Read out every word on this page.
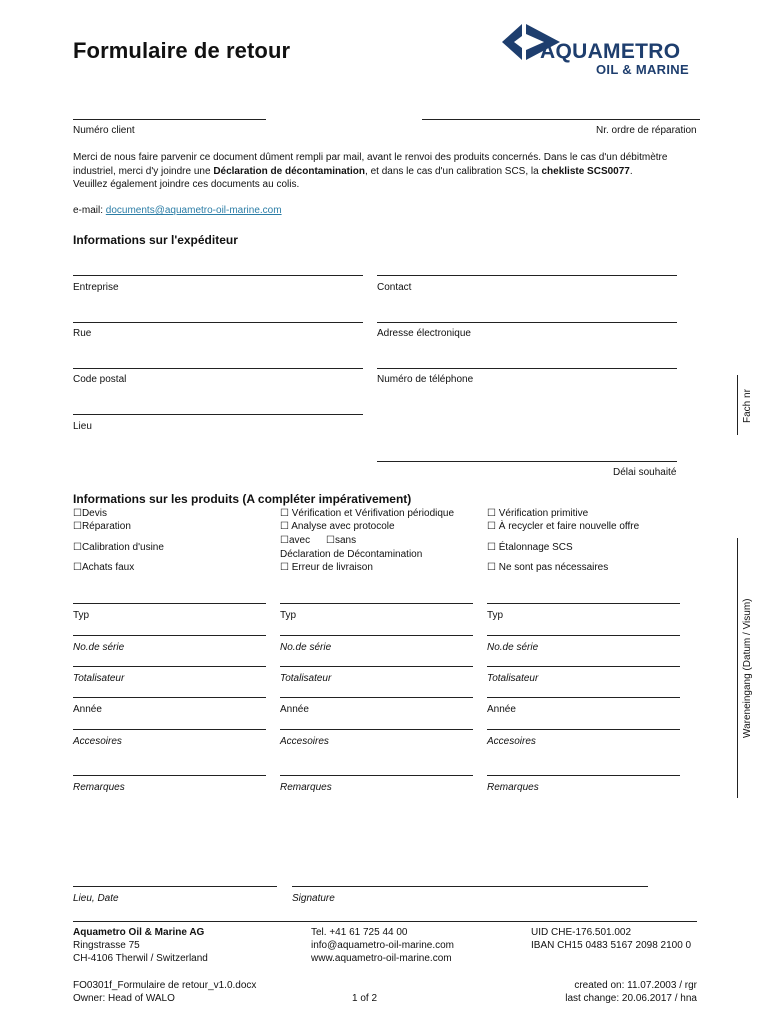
Formulaire de retour	AQUAMETRO
OIL & MARINE
Numéro client	Nr. ordre de réparation
Merci de nous faire parvenir ce document dûment rempli par mail, avant le renvoi des produits concernés. Dans le cas d'un débitmètre
industriel, merci d'y joindre une Déclaration de décontamination, et dans le cas d'un calibration SCS, la chekliste SCS0077.
Veuillez également joindre ces documents au colis.
e-mail: documents@aquametro-oil-marine.com
Informations sur l'expéditeur
Entreprise	Contact
Rue	Adresse électronique
Code postal	Numéro de téléphone
Lieu
Délai souhaité
Fach nr
Wareneingang (Datum / Visum)
Informations sur les produits (A compléter impérativement)
☐Devis
☐Réparation
☐Calibration d'usine
☐Achats faux
☐ Vérification et Vérifivation périodique
☐ Analyse avec protocole
☐avec ☐sans
Déclaration de Décontamination
☐ Erreur de livraison
☐ Vérification primitive
☐ À recycler et faire nouvelle offre
☐ Étalonnage SCS
☐ Ne sont pas nécessaires
Typ
No.de série
Totalisateur
Année
Accesoires
Remarques
Typ
No.de série
Totalisateur
Année
Accesoires
Remarques
Typ
No.de série
Totalisateur
Année
Accesoires
Remarques
Lieu, Date	Signature
Aquametro Oil & Marine AG
Ringstrasse 75
CH-4106 Therwil / Switzerland
Tel. +41 61 725 44 00
info@aquametro-oil-marine.com
www.aquametro-oil-marine.com
UID CHE-176.501.002
IBAN CH15 0483 5167 2098 2100 0
FO0301f_Formulaire de retour_v1.0.docx
Owner: Head of WALO	1 of 2
created on: 11.07.2003 / rgr
last change: 20.06.2017 / hna
